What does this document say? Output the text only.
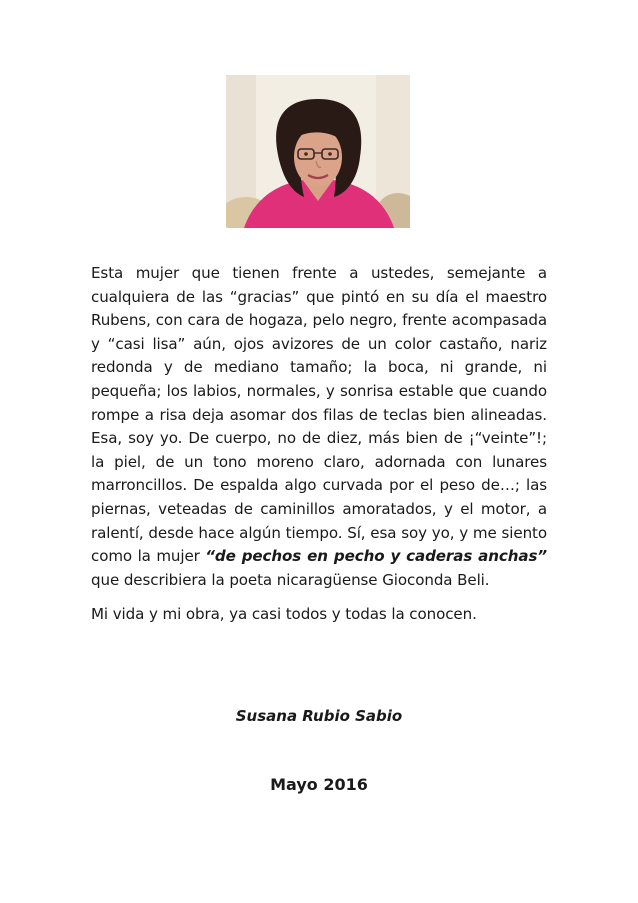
Esta mujer que tienen frente a ustedes, semejante a cualquiera de las “gracias” que pintó en su día el maestro Rubens, con cara de hogaza, pelo negro, frente acompasada y “casi lisa” aún, ojos avizores de un color castaño, nariz redonda y de mediano tamaño; la boca, ni grande, ni pequeña; los labios, normales, y sonrisa estable que cuando rompe a risa deja asomar dos filas de teclas bien alineadas. Esa, soy yo. De cuerpo, no de diez, más bien de ¡“veinte”!; la piel, de un tono moreno claro, adornada con lunares marroncillos. De espalda algo curvada por el peso de…; las piernas, veteadas de caminillos amoratados, y el motor, a ralentí, desde hace algún tiempo. Sí, esa soy yo, y me siento como la mujer “de pechos en pecho y caderas anchas” que describiera la poeta nicaragüense Gioconda Beli.

Mi vida y mi obra, ya casi todos y todas la conocen.

Susana Rubio Sabio
Mayo 2016
